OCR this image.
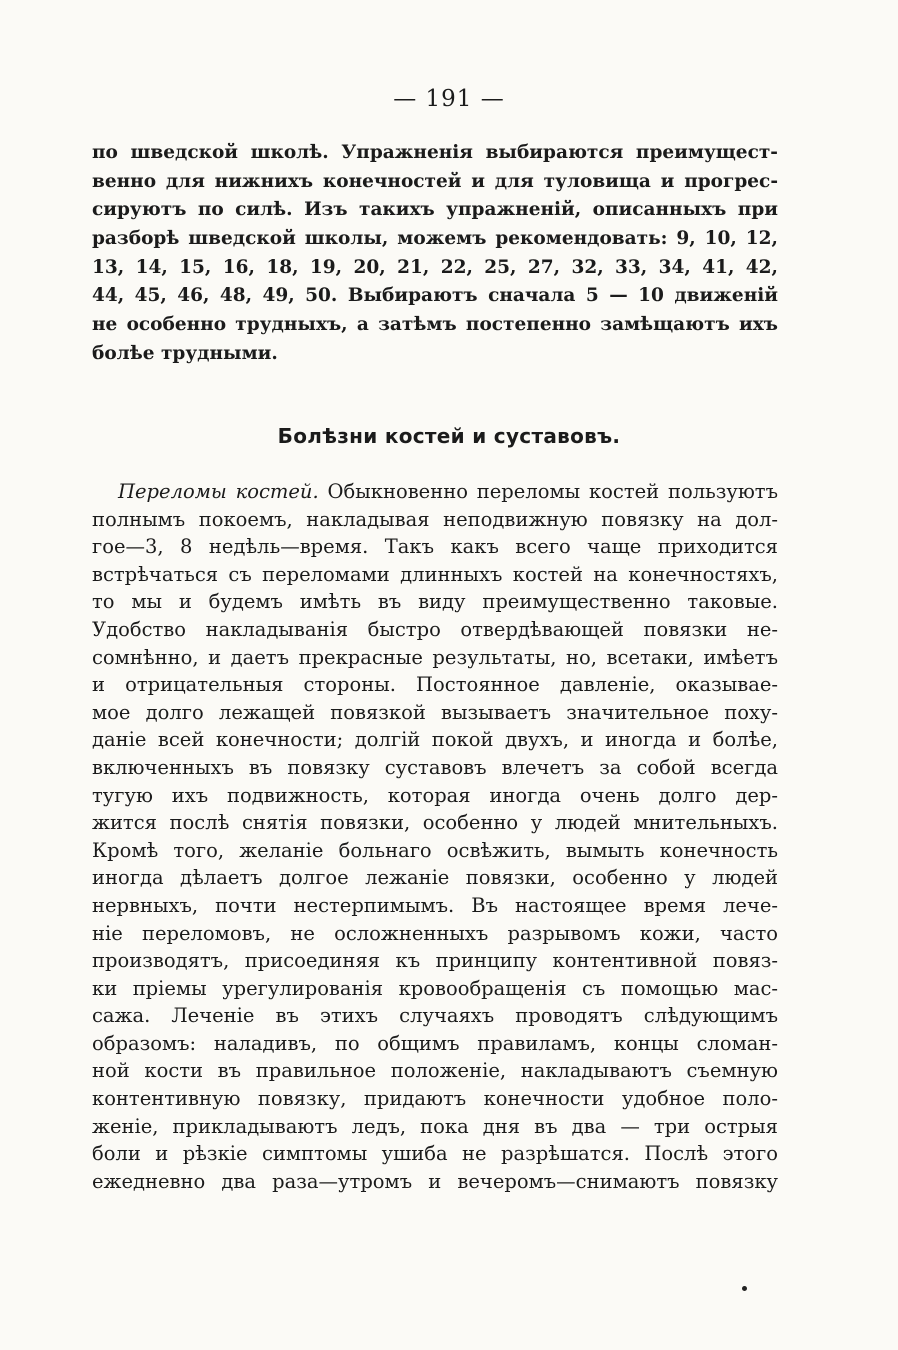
— 191 —
по шведской школѣ. Упражненія выбираются преимущест-
венно для нижнихъ конечностей и для туловища и прогрес-
сируютъ по силѣ. Изъ такихъ упражненій, описанныхъ при
разборѣ шведской школы, можемъ рекомендовать: 9, 10, 12,
13, 14, 15, 16, 18, 19, 20, 21, 22, 25, 27, 32, 33, 34, 41, 42,
44, 45, 46, 48, 49, 50. Выбираютъ сначала 5 — 10 движеній
не особенно трудныхъ, а затѣмъ постепенно замѣщаютъ ихъ
болѣе трудными.
Болѣзни костей и суставовъ.
Переломы костей. Обыкновенно переломы костей пользуютъ
полнымъ покоемъ, накладывая неподвижную повязку на дол-
гое—3, 8 недѣль—время. Такъ какъ всего чаще приходится
встрѣчаться съ переломами длинныхъ костей на конечностяхъ,
то мы и будемъ имѣть въ виду преимущественно таковые.
Удобство накладыванія быстро отвердѣвающей повязки не-
сомнѣнно, и даетъ прекрасные результаты, но, всетаки, имѣетъ
и отрицательныя стороны. Постоянное давленіе, оказывае-
мое долго лежащей повязкой вызываетъ значительное поху-
даніе всей конечности; долгій покой двухъ, и иногда и болѣе,
включенныхъ въ повязку суставовъ влечетъ за собой всегда
тугую ихъ подвижность, которая иногда очень долго дер-
жится послѣ снятія повязки, особенно у людей мнительныхъ.
Кромѣ того, желаніе больнаго освѣжить, вымыть конечность
иногда дѣлаетъ долгое лежаніе повязки, особенно у людей
нервныхъ, почти нестерпимымъ. Въ настоящее время лече-
ніе переломовъ, не осложненныхъ разрывомъ кожи, часто
производятъ, присоединяя къ принципу контентивной повяз-
ки пріемы урегулированія кровообращенія съ помощью мас-
сажа. Леченіе въ этихъ случаяхъ проводятъ слѣдующимъ
образомъ: наладивъ, по общимъ правиламъ, концы сломан-
ной кости въ правильное положеніе, накладываютъ съемную
контентивную повязку, придаютъ конечности удобное поло-
женіе, прикладываютъ ледъ, пока дня въ два — три острыя
боли и рѣзкіе симптомы ушиба не разрѣшатся. Послѣ этого
ежедневно два раза—утромъ и вечеромъ—снимаютъ повязку
